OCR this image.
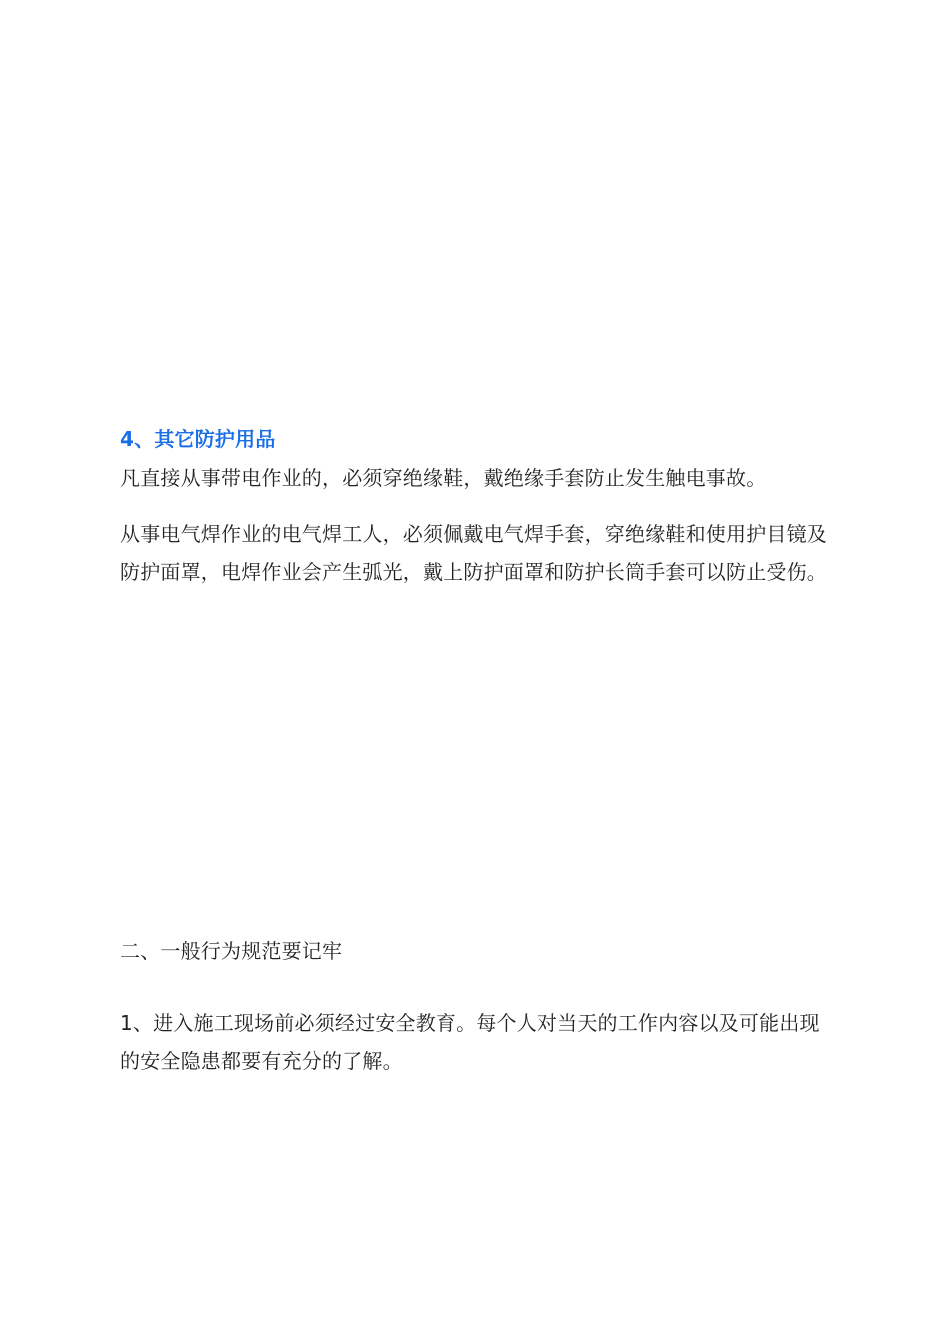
4、其它防护用品

凡直接从事带电作业的，必须穿绝缘鞋，戴绝缘手套防止发生触电事故。

从事电气焊作业的电气焊工人，必须佩戴电气焊手套，穿绝缘鞋和使用护目镜及防护面罩，电焊作业会产生弧光，戴上防护面罩和防护长筒手套可以防止受伤。

二、一般行为规范要记牢

1、进入施工现场前必须经过安全教育。每个人对当天的工作内容以及可能出现的安全隐患都要有充分的了解。
